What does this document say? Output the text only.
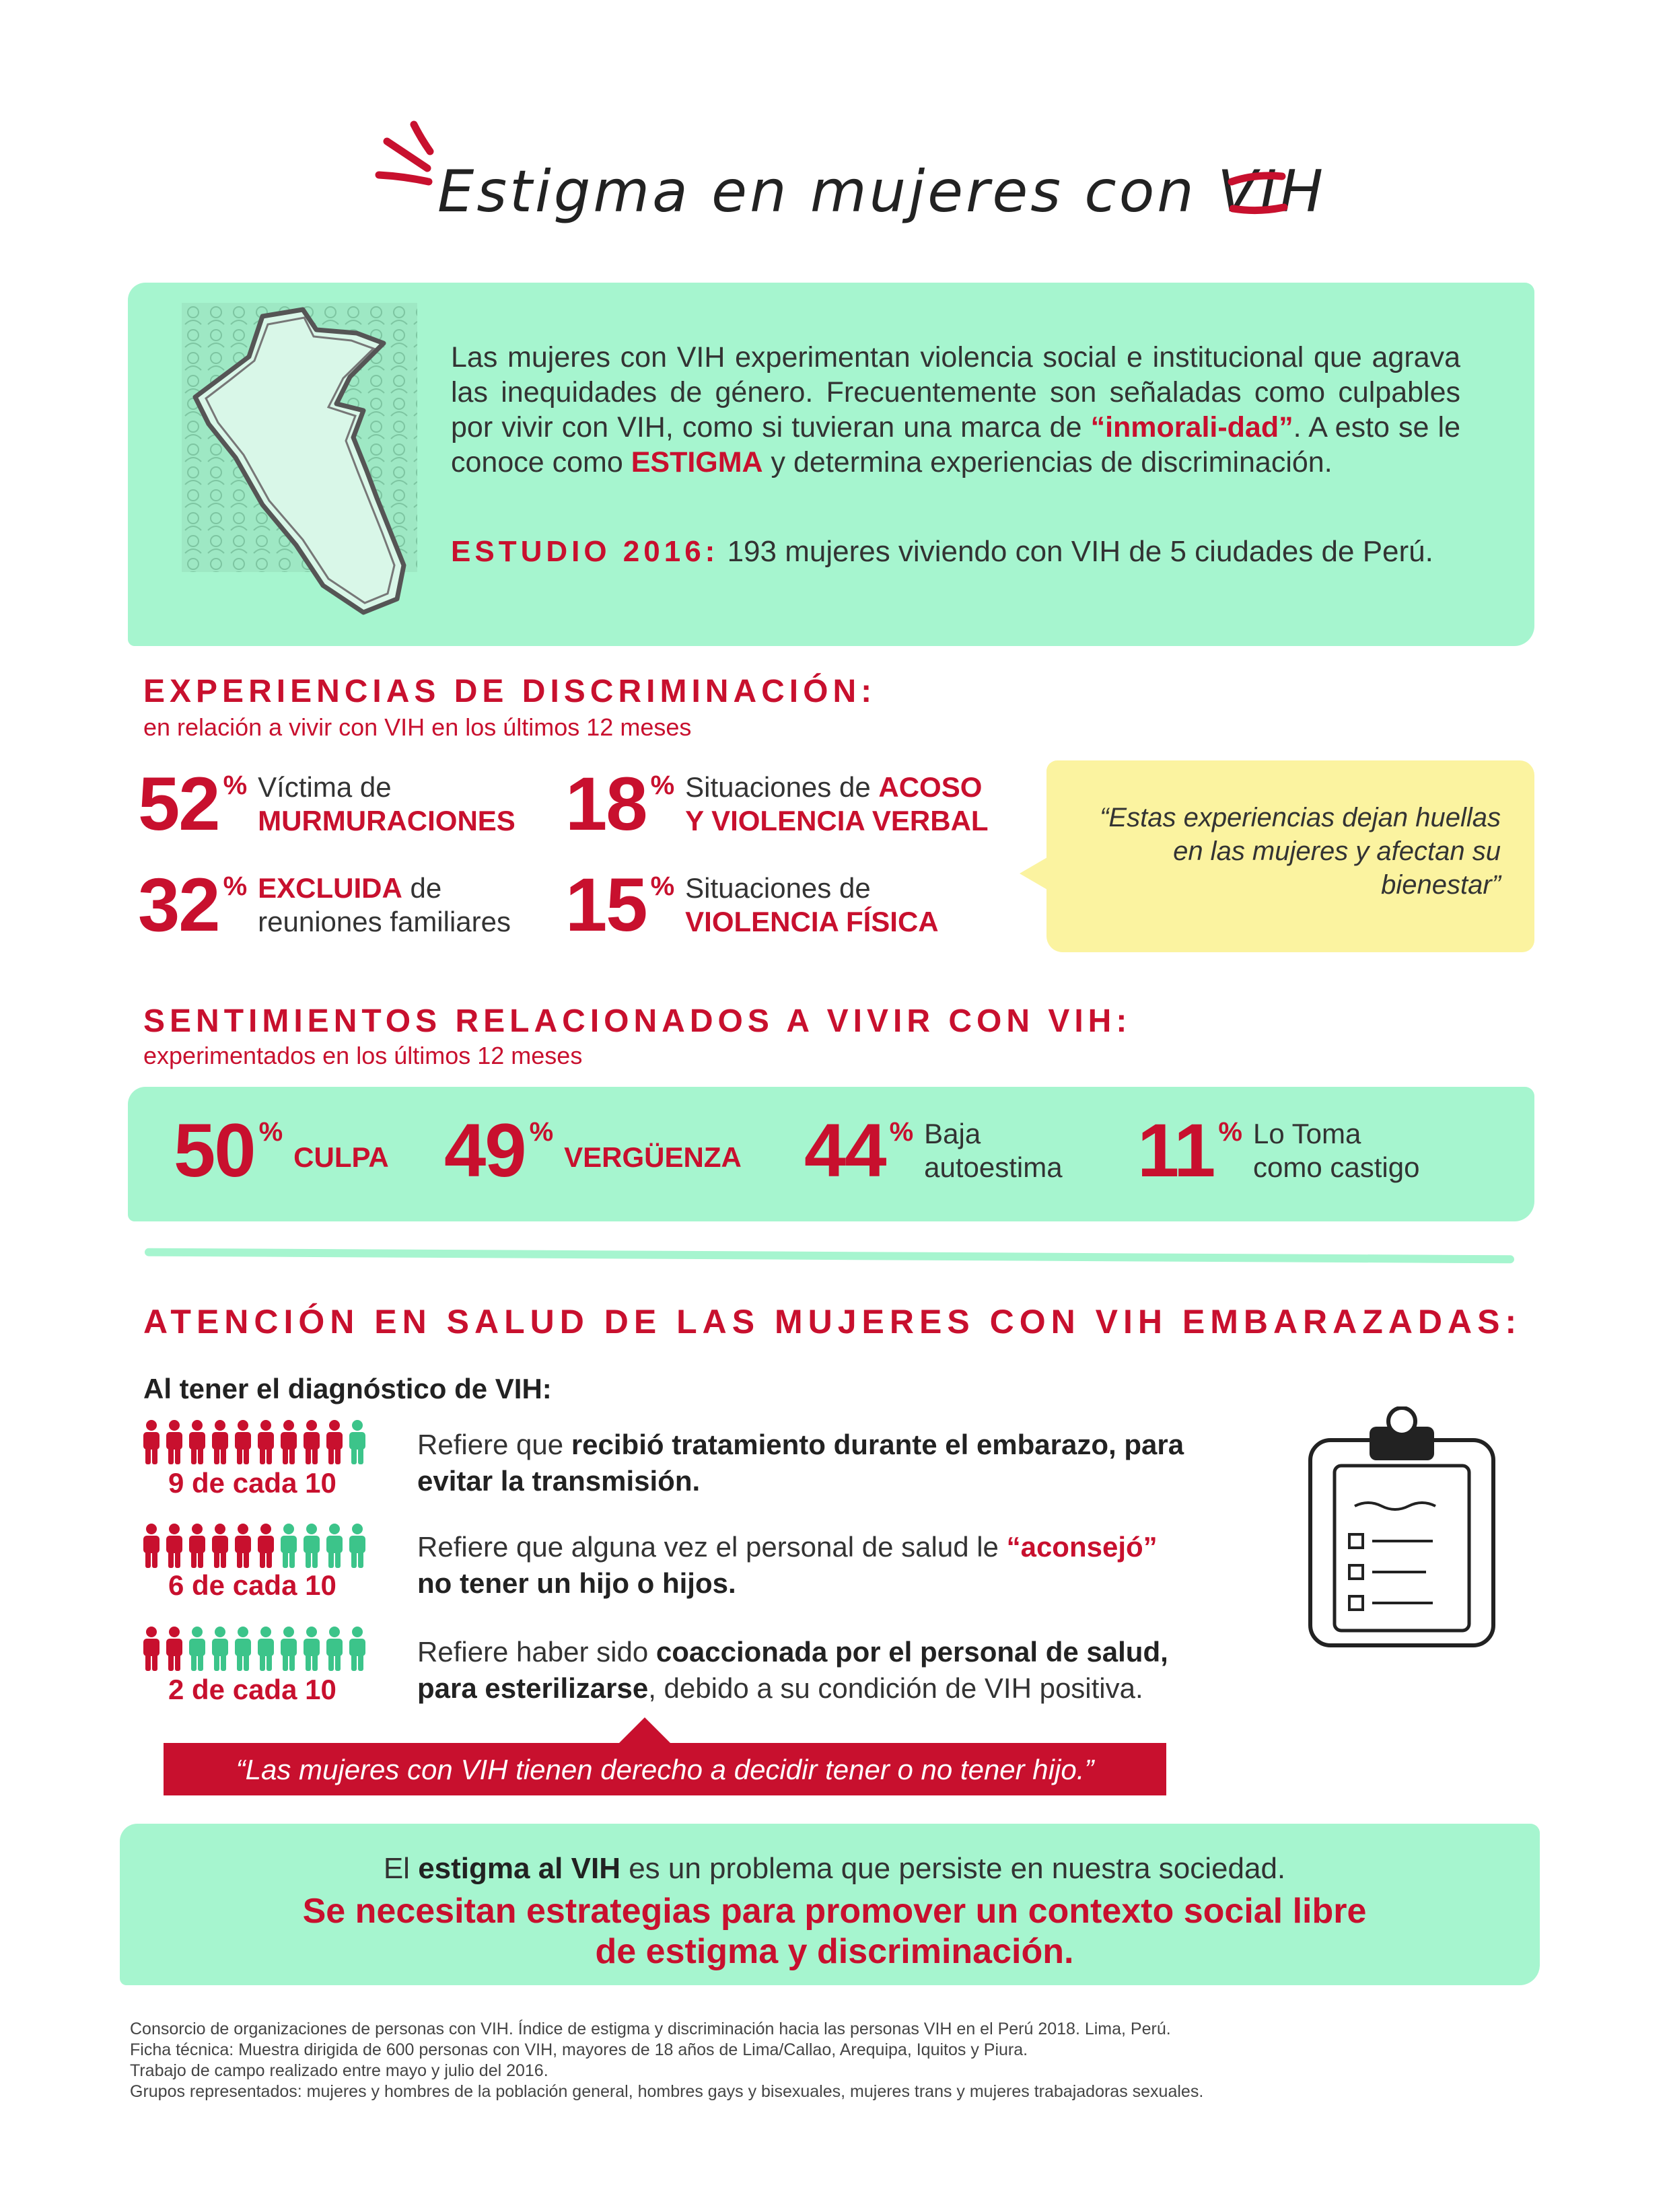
Estigma en mujeres con VIH
Las mujeres con VIH experimentan violencia social e institucional que agrava las inequidades de género. Frecuentemente son señaladas como culpables por vivir con VIH, como si tuvieran una marca de “inmorali-dad”. A esto se le conoce como ESTIGMA y determina experiencias de discriminación.
ESTUDIO 2016: 193 mujeres viviendo con VIH de 5 ciudades de Perú.
EXPERIENCIAS DE DISCRIMINACIÓN:
en relación a vivir con VIH en los últimos 12 meses
52 % Víctima de
MURMURACIONES 18 % Situaciones de ACOSO
Y VIOLENCIA VERBAL
32 % EXCLUIDA de
reuniones familiares 15 % Situaciones de
VIOLENCIA FÍSICA
“Estas experiencias dejan huellas en las mujeres y afectan su bienestar”
SENTIMIENTOS RELACIONADOS A VIVIR CON VIH:
experimentados en los últimos 12 meses
50 %
CULPA 49 %
VERGÜENZA 44 % Baja
autoestima 11 % Lo Toma
como castigo
ATENCIÓN EN SALUD DE LAS MUJERES CON VIH EMBARAZADAS:
Al tener el diagnóstico de VIH:
9 de cada 10
Refiere que recibió tratamiento durante el embarazo, para
evitar la transmisión.
6 de cada 10
Refiere que alguna vez el personal de salud le “aconsejó”
no tener un hijo o hijos.
2 de cada 10
Refiere haber sido coaccionada por el personal de salud,
para esterilizarse, debido a su condición de VIH positiva.
“Las mujeres con VIH tienen derecho a decidir tener o no tener hijo.”
El estigma al VIH es un problema que persiste en nuestra sociedad.
Se necesitan estrategias para promover un contexto social libre
de estigma y discriminación.
Consorcio de organizaciones de personas con VIH. Índice de estigma y discriminación hacia las personas VIH en el Perú 2018. Lima, Perú.
Ficha técnica: Muestra dirigida de 600 personas con VIH, mayores de 18 años de Lima/Callao, Arequipa, Iquitos y Piura.
Trabajo de campo realizado entre mayo y julio del 2016.
Grupos representados: mujeres y hombres de la población general, hombres gays y bisexuales, mujeres trans y mujeres trabajadoras sexuales.
